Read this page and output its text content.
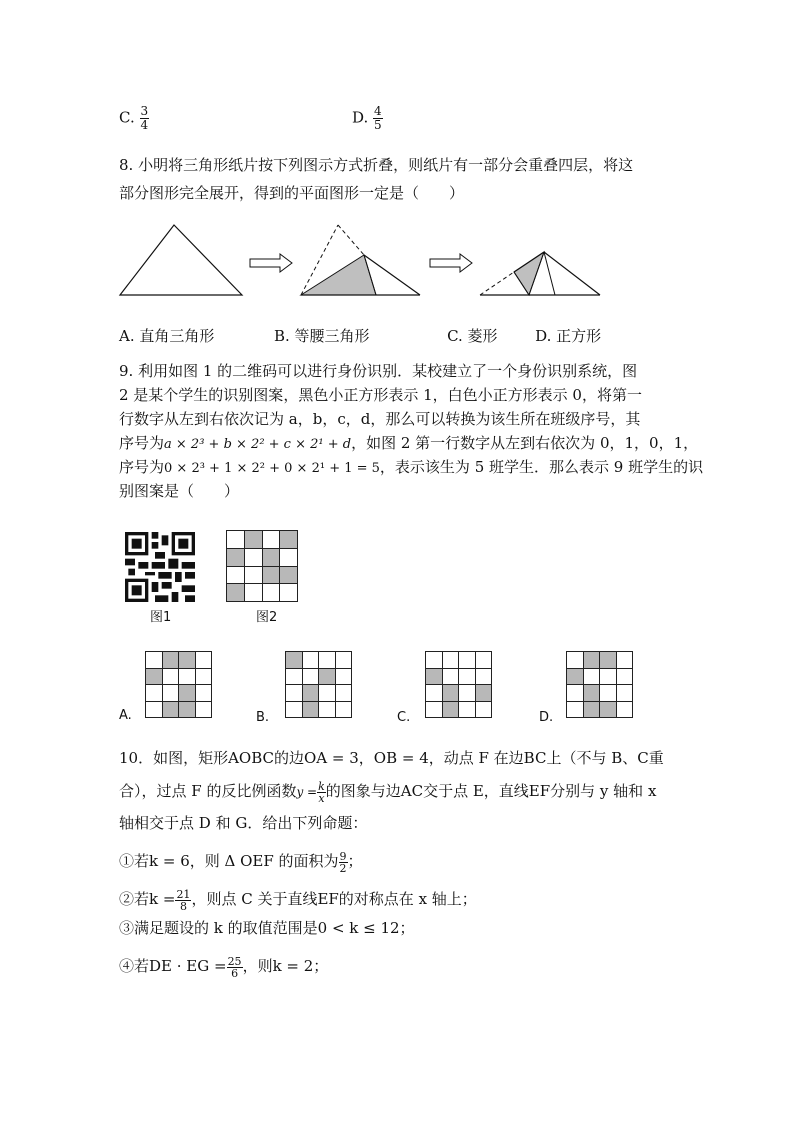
C. $\frac{3}{4}$	D. $\frac{4}{5}$
8. 小明将三角形纸片按下列图示方式折叠，则纸片有一部分会重叠四层，将这
部分图形完全展开，得到的平面图形一定是（　　）
A. 直角三角形	B. 等腰三角形	C. 菱形	D. 正方形
9. 利用如图 1 的二维码可以进行身份识别．某校建立了一个身份识别系统，图
2 是某个学生的识别图案，黑色小正方形表示 1，白色小正方形表示 0，将第一
行数字从左到右依次记为 a，b，c，d，那么可以转换为该生所在班级序号，其
序号为a × 2³ + b × 2² + c × 2¹ + d，如图 2 第一行数字从左到右依次为 0，1，0，1，
序号为0 × 2³ + 1 × 2² + 0 × 2¹ + 1 = 5，表示该生为 5 班学生．那么表示 9 班学生的识
别图案是（　　）
图1	图2
A.	B.	C.	D.
10．如图，矩形AOBC的边OA = 3，OB = 4，动点 F 在边BC上（不与 B、C重
合），过点 F 的反比例函数$y = \frac{k}{x}$ 的图象与边AC交于点 E，直线EF分别与 y 轴和 x
轴相交于点 D 和 G．给出下列命题：
①若k = 6，则 Δ OEF 的面积为 $\frac{9}{2}$ ；
②若$k = \frac{21}{8}$ ，则点 C 关于直线EF的对称点在 x 轴上；
③满足题设的 k 的取值范围是0 < k ≤ 12；
④若DE · EG = $\frac{25}{6}$ ，则k = 2；
